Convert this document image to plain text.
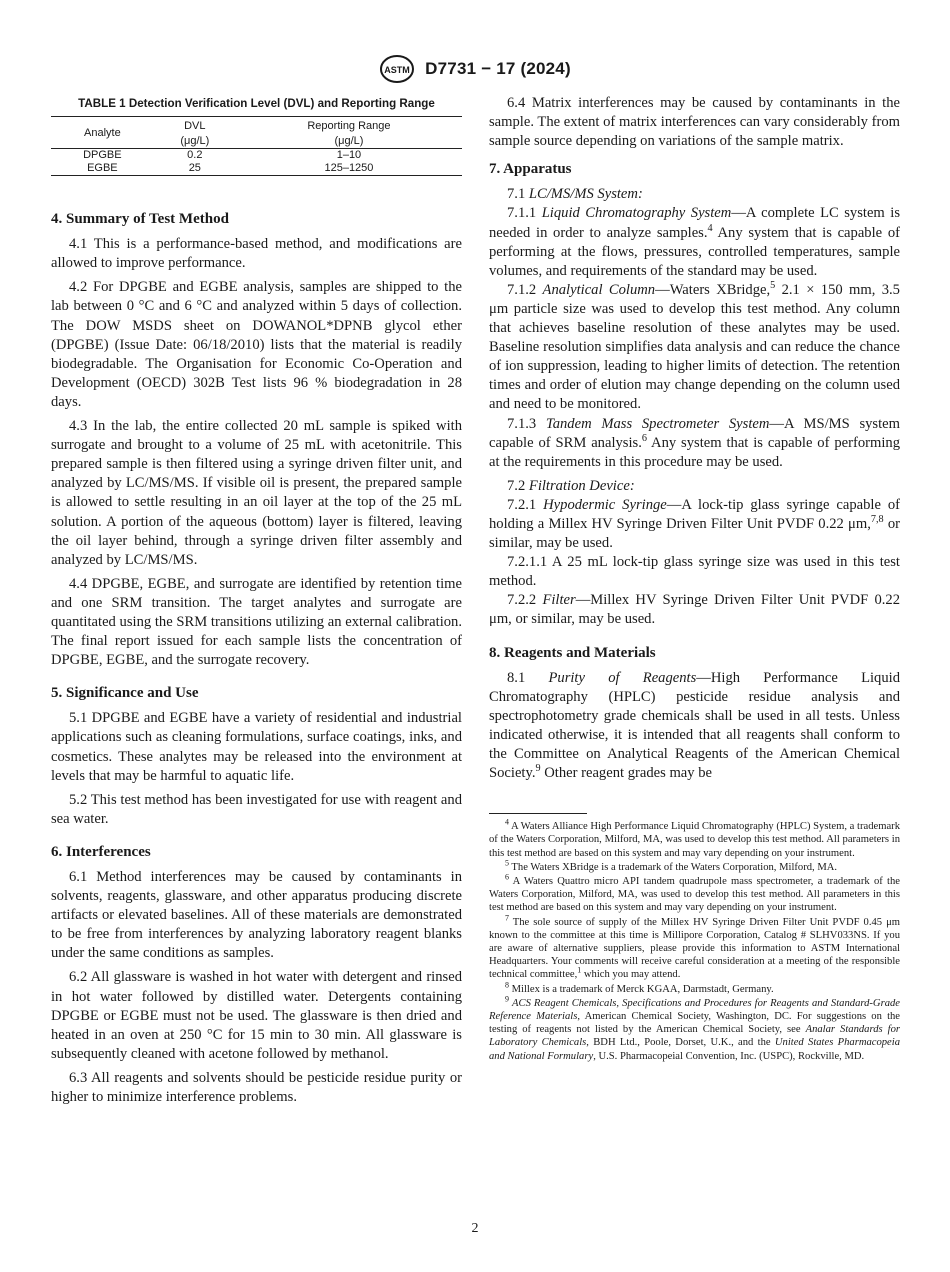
ASTM D7731 − 17 (2024)
TABLE 1 Detection Verification Level (DVL) and Reporting Range
Analyte	DVL	Reporting Range
	(μg/L)	(μg/L)
DPGBE	0.2	1–10
EGBE	25	125–1250
4. Summary of Test Method

4.1 This is a performance-based method, and modifications are allowed to improve performance.

4.2 For DPGBE and EGBE analysis, samples are shipped to the lab between 0 °C and 6 °C and analyzed within 5 days of collection. The DOW MSDS sheet on DOWANOL*DPNB glycol ether (DPGBE) (Issue Date: 06/18/2010) lists that the material is readily biodegradable. The Organisation for Economic Co-Operation and Development (OECD) 302B Test lists 96 % biodegradation in 28 days.

4.3 In the lab, the entire collected 20 mL sample is spiked with surrogate and brought to a volume of 25 mL with acetonitrile. This prepared sample is then filtered using a syringe driven filter unit, and analyzed by LC/MS/MS. If visible oil is present, the prepared sample is allowed to settle resulting in an oil layer at the top of the 25 mL solution. A portion of the aqueous (bottom) layer is filtered, leaving the oil layer behind, through a syringe driven filter assembly and analyzed by LC/MS/MS.

4.4 DPGBE, EGBE, and surrogate are identified by retention time and one SRM transition. The target analytes and surrogate are quantitated using the SRM transitions utilizing an external calibration. The final report issued for each sample lists the concentration of DPGBE, EGBE, and the surrogate recovery.

5. Significance and Use

5.1 DPGBE and EGBE have a variety of residential and industrial applications such as cleaning formulations, surface coatings, inks, and cosmetics. These analytes may be released into the environment at levels that may be harmful to aquatic life.

5.2 This test method has been investigated for use with reagent and sea water.

6. Interferences

6.1 Method interferences may be caused by contaminants in solvents, reagents, glassware, and other apparatus producing discrete artifacts or elevated baselines. All of these materials are demonstrated to be free from interferences by analyzing laboratory reagent blanks under the same conditions as samples.

6.2 All glassware is washed in hot water with detergent and rinsed in hot water followed by distilled water. Detergents containing DPGBE or EGBE must not be used. The glassware is then dried and heated in an oven at 250 °C for 15 min to 30 min. All glassware is subsequently cleaned with acetone followed by methanol.

6.3 All reagents and solvents should be pesticide residue purity or higher to minimize interference problems.

6.4 Matrix interferences may be caused by contaminants in the sample. The extent of matrix interferences can vary considerably from sample source depending on variations of the sample matrix.

7. Apparatus

7.1 LC/MS/MS System:

7.1.1 Liquid Chromatography System—A complete LC system is needed in order to analyze samples.$^4$ Any system that is capable of performing at the flows, pressures, controlled temperatures, sample volumes, and requirements of the standard may be used.

7.1.2 Analytical Column—Waters XBridge,$^5$ 2.1 × 150 mm, 3.5 μm particle size was used to develop this test method. Any column that achieves baseline resolution of these analytes may be used. Baseline resolution simplifies data analysis and can reduce the chance of ion suppression, leading to higher limits of detection. The retention times and order of elution may change depending on the column used and need to be monitored.

7.1.3 Tandem Mass Spectrometer System—A MS/MS system capable of SRM analysis.$^6$ Any system that is capable of performing at the requirements in this procedure may be used.

7.2 Filtration Device:

7.2.1 Hypodermic Syringe—A lock-tip glass syringe capable of holding a Millex HV Syringe Driven Filter Unit PVDF 0.22 μm,$^{7,8}$ or similar, may be used.

7.2.1.1 A 25 mL lock-tip glass syringe size was used in this test method.

7.2.2 Filter—Millex HV Syringe Driven Filter Unit PVDF 0.22 μm, or similar, may be used.

8. Reagents and Materials

8.1 Purity of Reagents—High Performance Liquid Chromatography (HPLC) pesticide residue analysis and spectrophotometry grade chemicals shall be used in all tests. Unless indicated otherwise, it is intended that all reagents shall conform to the Committee on Analytical Reagents of the American Chemical Society.$^9$ Other reagent grades may be

$^4$ A Waters Alliance High Performance Liquid Chromatography (HPLC) System, a trademark of the Waters Corporation, Milford, MA, was used to develop this test method. All parameters in this test method are based on this system and may vary depending on your instrument.

$^5$ The Waters XBridge is a trademark of the Waters Corporation, Milford, MA.

$^6$ A Waters Quattro micro API tandem quadrupole mass spectrometer, a trademark of the Waters Corporation, Milford, MA, was used to develop this test method. All parameters in this test method are based on this system and may vary depending on your instrument.

$^7$ The sole source of supply of the Millex HV Syringe Driven Filter Unit PVDF 0.45 μm known to the committee at this time is Millipore Corporation, Catalog # SLHV033NS. If you are aware of alternative suppliers, please provide this information to ASTM International Headquarters. Your comments will receive careful consideration at a meeting of the responsible technical committee,$^1$ which you may attend.

$^8$ Millex is a trademark of Merck KGAA, Darmstadt, Germany.

$^9$ ACS Reagent Chemicals, Specifications and Procedures for Reagents and Standard-Grade Reference Materials, American Chemical Society, Washington, DC. For suggestions on the testing of reagents not listed by the American Chemical Society, see Analar Standards for Laboratory Chemicals, BDH Ltd., Poole, Dorset, U.K., and the United States Pharmacopeia and National Formulary, U.S. Pharmacopeial Convention, Inc. (USPC), Rockville, MD.

2
